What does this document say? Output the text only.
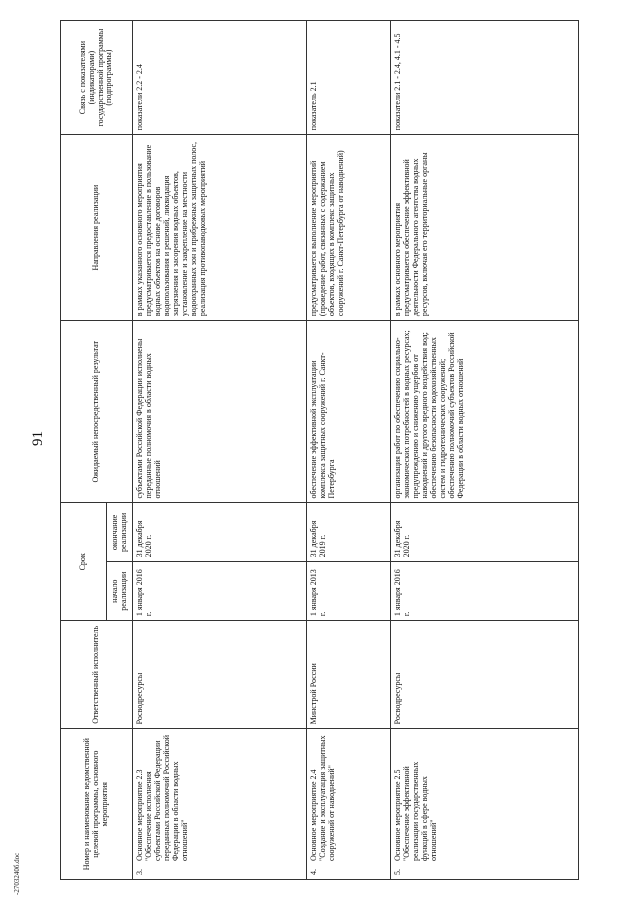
91
-2703240б.doc
Номер и наименование ведомственной целевой программы, основного мероприятия	Ответственный исполнитель	Срок		Ожидаемый непосредственный результат	Направления реализации	Связь с показателями (индикаторами) государственной программы (подпрограммы)
		начало реализации	окончание реализации			

3.
Основное мероприятие 2.3 "Обеспечение исполнения субъектами Российской Федерации переданных полномочий Российской Федерации в области водных отношений"	Росводресурсы	1 января 2016 г.	31 декабря 2020 г.	субъектами Российской Федерации исполнены переданные полномочия в области водных отношений	в рамках указанного основного мероприятия предусматривается предоставление в пользование водных объектов на основе договоров водопользования и решений, ликвидация загрязнения и засорения водных объектов, установление и закрепление на местности водоохранных зон и прибрежных защитных полос, реализация противопаводковых мероприятий	показатели 2.2 - 2.4

4.
Основное мероприятие 2.4 "Создание и эксплуатация защитных сооружений от наводнений"	Минстрой России	1 января 2013 г.	31 декабря 2019 г.	обеспечение эффективной эксплуатации комплекса защитных сооружений г. Санкт-Петербурга	предусматривается выполнение мероприятий (проведение работ, связанных с содержанием объектов, входящих в комплекс защитных сооружений г. Санкт-Петербурга от наводнений)	показатель 2.1

5.
Основное мероприятие 2.5 "Обеспечение эффективной реализации государственных функций в сфере водных отношений"	Росводресурсы	1 января 2016 г.	31 декабря 2020 г.	организация работ по обеспечению социально-экономических потребностей в водных ресурсах; предупреждению и снижению ущербов от наводнений и другого вредного воздействия вод; обеспечению безопасности водохозяйственных систем и гидротехнических сооружений; обеспечению полномочий субъектов Российской Федерации в области водных отношений	в рамках основного мероприятия предусматривается обеспечение эффективной деятельности Федерального агентства водных ресурсов, включая его территориальные органы	показатели 2.1 - 2.4, 4.1 - 4.5
